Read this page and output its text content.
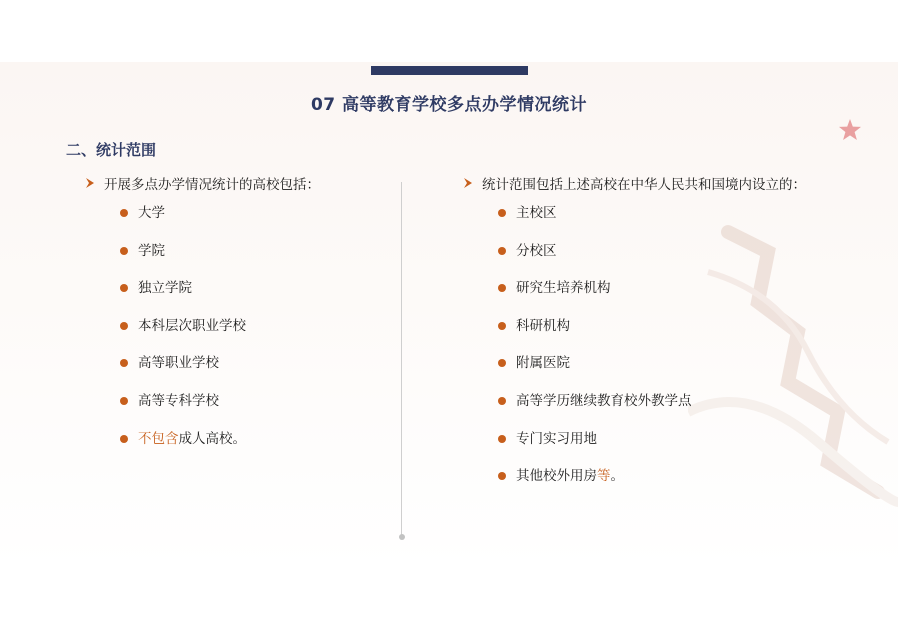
07 高等教育学校多点办学情况统计
二、统计范围
开展多点办学情况统计的高校包括：
大学
学院
独立学院
本科层次职业学校
高等职业学校
高等专科学校
不包含成人高校。
统计范围包括上述高校在中华人民共和国境内设立的：
主校区
分校区
研究生培养机构
科研机构
附属医院
高等学历继续教育校外教学点
专门实习用地
其他校外用房等。
